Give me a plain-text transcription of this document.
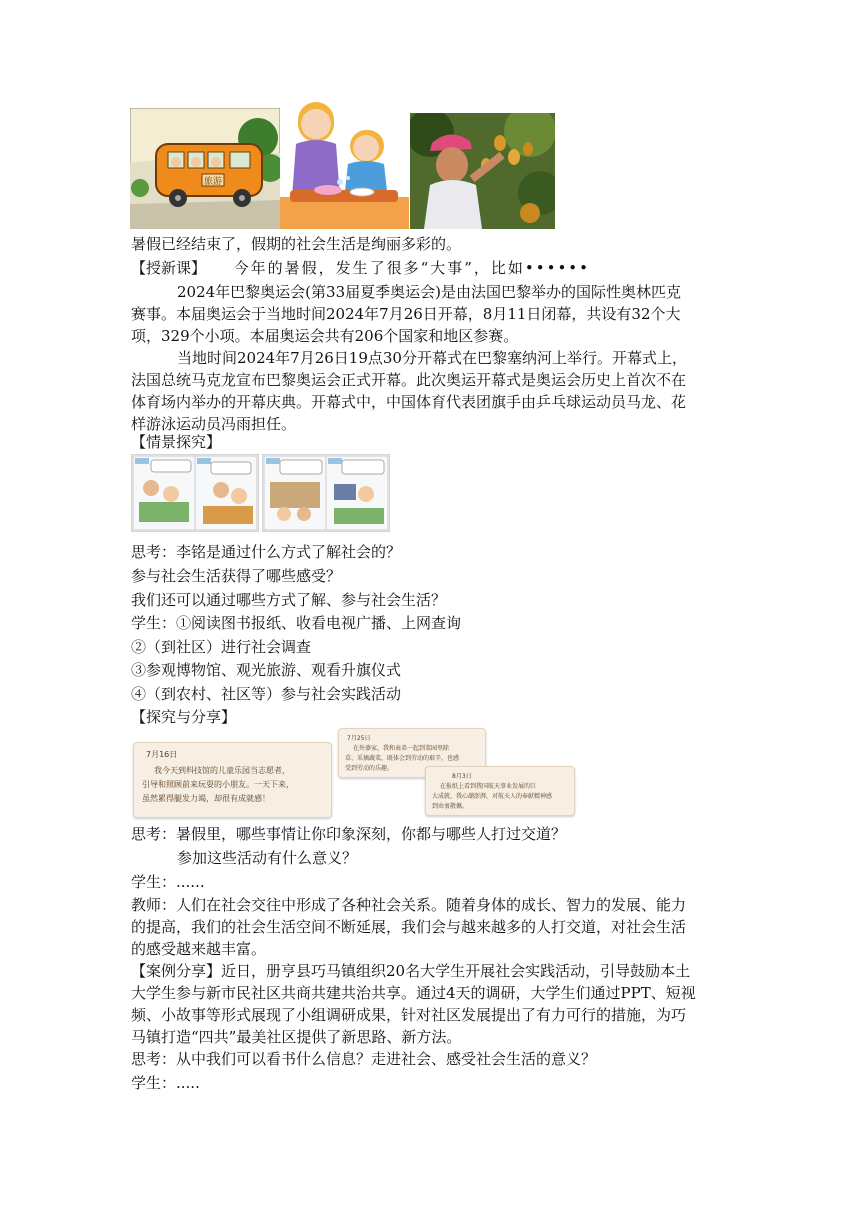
旅游
暑假已经结束了，假期的社会生活是绚丽多彩的。
【授新课】 今年的暑假，发生了很多“大事”，比如••••••
2024年巴黎奥运会(第33届夏季奥运会)是由法国巴黎举办的国际性奥林匹克
赛事。本届奥运会于当地时间2024年7月26日开幕，8月11日闭幕，共设有32个大
项，329个小项。本届奥运会共有206个国家和地区参赛。
当地时间2024年7月26日19点30分开幕式在巴黎塞纳河上举行。开幕式上，
法国总统马克龙宣布巴黎奥运会正式开幕。此次奥运开幕式是奥运会历史上首次不在
体育场内举办的开幕庆典。开幕式中，中国体育代表团旗手由乒乓球运动员马龙、花
样游泳运动员冯雨担任。
【情景探究】
思考：李铭是通过什么方式了解社会的？
参与社会生活获得了哪些感受？
我们还可以通过哪些方式了解、参与社会生活？
学生：①阅读图书报纸、收看电视广播、上网查询
②（到社区）进行社会调查
③参观博物馆、观光旅游、观看升旗仪式
④（到农村、社区等）参与社会实践活动
【探究与分享】
7月16日
我今天到科技馆的儿童乐园当志愿者，
引导和照顾前来玩耍的小朋友。一天下来，
虽然累得腿发力竭，却很有成就感！
7月25日
在外婆家，我和表弟一起到菜园里除
草、采摘蔬菜，既体会到劳动的艰辛，也感
受到劳动的乐趣。
8月3日
在报纸上看到我国航天事业发展的巨
大成就，我心潮澎湃，对航天人的奉献精神感
到由衷敬佩。
思考：暑假里，哪些事情让你印象深刻，你都与哪些人打过交道？
参加这些活动有什么意义？
学生：......
教师：人们在社会交往中形成了各种社会关系。随着身体的成长、智力的发展、能力
的提高，我们的社会生活空间不断延展，我们会与越来越多的人打交道，对社会生活
的感受越来越丰富。
【案例分享】近日，册亨县巧马镇组织20名大学生开展社会实践活动，引导鼓励本土
大学生参与新市民社区共商共建共治共享。通过4天的调研，大学生们通过PPT、短视
频、小故事等形式展现了小组调研成果，针对社区发展提出了有力可行的措施，为巧
马镇打造“四共”最美社区提供了新思路、新方法。
思考：从中我们可以看书什么信息？走进社会、感受社会生活的意义？
学生：.....
